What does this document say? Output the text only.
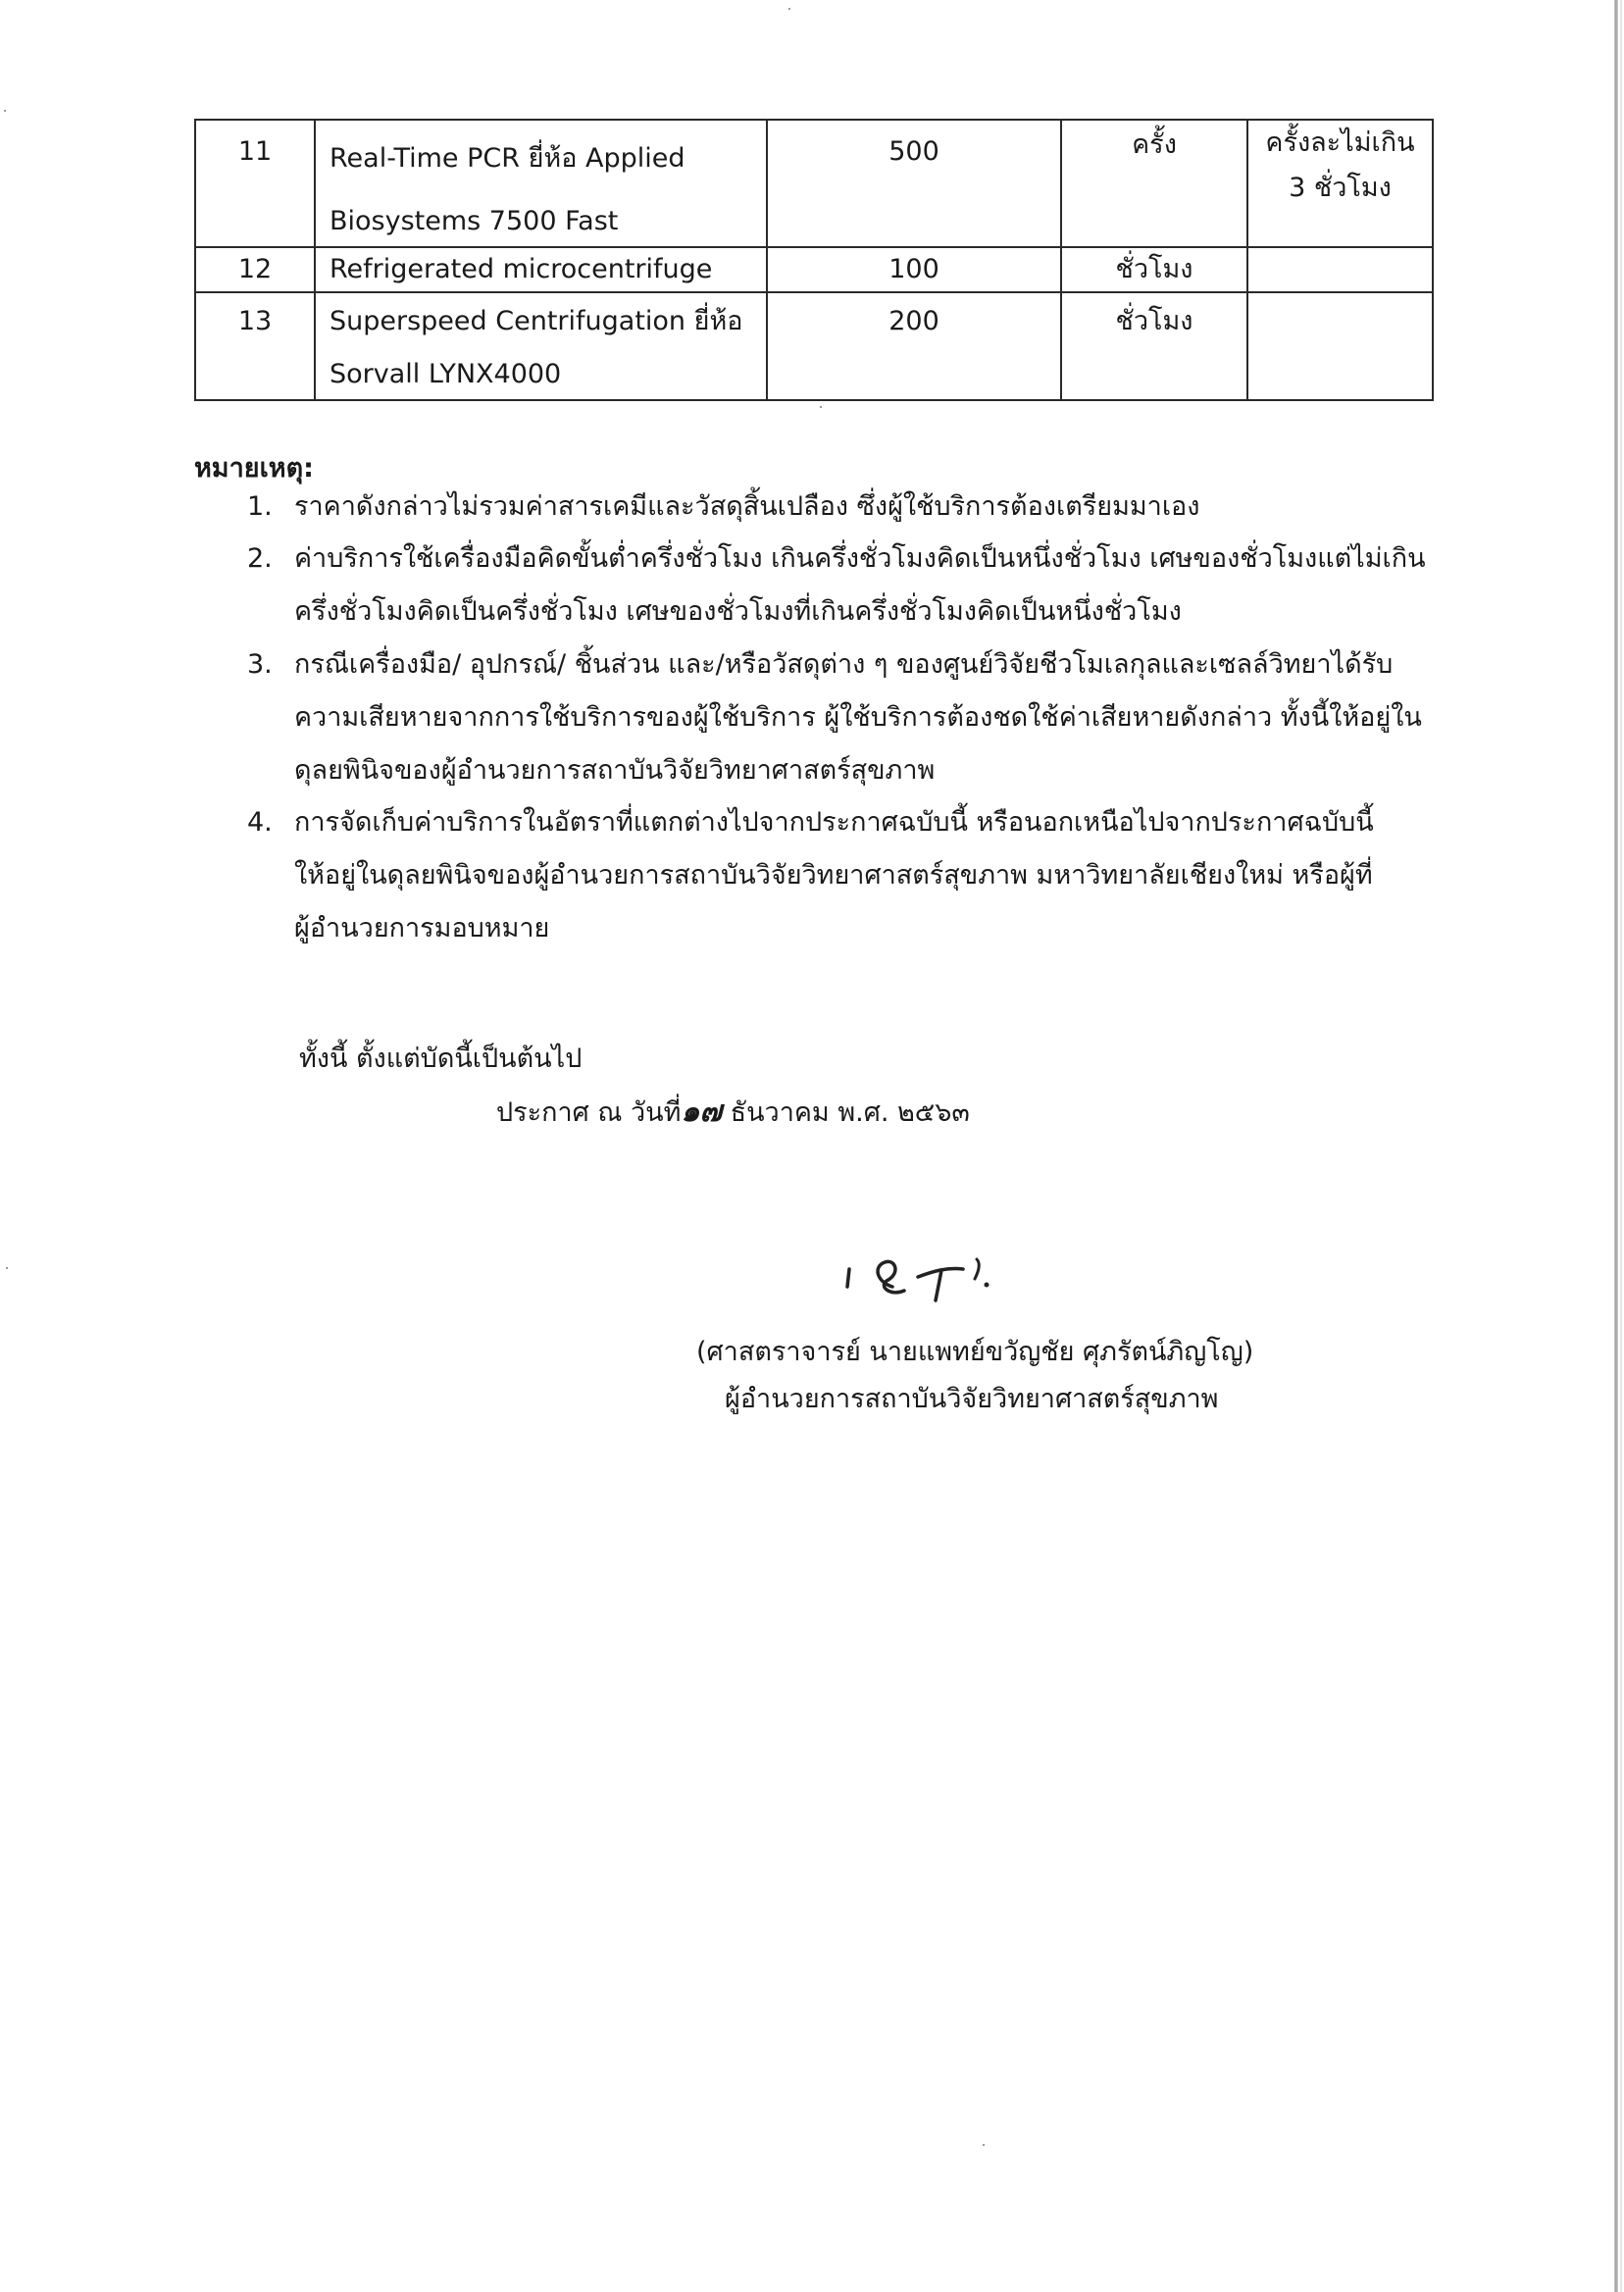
11	Real-Time PCR ยี่ห้อ Applied
Biosystems 7500 Fast	500	ครั้ง	ครั้งละไม่เกิน
3 ชั่วโมง

12	Refrigerated microcentrifuge	100	ชั่วโมง	

13	Superspeed Centrifugation ยี่ห้อ
Sorvall LYNX4000	200	ชั่วโมง	

หมายเหตุ:
1. ราคาดังกล่าวไม่รวมค่าสารเคมีและวัสดุสิ้นเปลือง ซึ่งผู้ใช้บริการต้องเตรียมมาเอง
2. ค่าบริการใช้เครื่องมือคิดขั้นต่ำครึ่งชั่วโมง เกินครึ่งชั่วโมงคิดเป็นหนึ่งชั่วโมง เศษของชั่วโมงแต่ไม่เกิน
ครึ่งชั่วโมงคิดเป็นครึ่งชั่วโมง เศษของชั่วโมงที่เกินครึ่งชั่วโมงคิดเป็นหนึ่งชั่วโมง
3. กรณีเครื่องมือ/ อุปกรณ์/ ชิ้นส่วน และ/หรือวัสดุต่าง ๆ ของศูนย์วิจัยชีวโมเลกุลและเซลล์วิทยาได้รับ
ความเสียหายจากการใช้บริการของผู้ใช้บริการ ผู้ใช้บริการต้องชดใช้ค่าเสียหายดังกล่าว ทั้งนี้ให้อยู่ใน
ดุลยพินิจของผู้อำนวยการสถาบันวิจัยวิทยาศาสตร์สุขภาพ
4. การจัดเก็บค่าบริการในอัตราที่แตกต่างไปจากประกาศฉบับนี้ หรือนอกเหนือไปจากประกาศฉบับนี้
ให้อยู่ในดุลยพินิจของผู้อำนวยการสถาบันวิจัยวิทยาศาสตร์สุขภาพ มหาวิทยาลัยเชียงใหม่ หรือผู้ที่
ผู้อำนวยการมอบหมาย
ทั้งนี้ ตั้งแต่บัดนี้เป็นต้นไป
ประกาศ ณ วันที่๑๗ ธันวาคม พ.ศ. ๒๕๖๓
(ศาสตราจารย์ นายแพทย์ขวัญชัย ศุภรัตน์ภิญโญ)
ผู้อำนวยการสถาบันวิจัยวิทยาศาสตร์สุขภาพ
